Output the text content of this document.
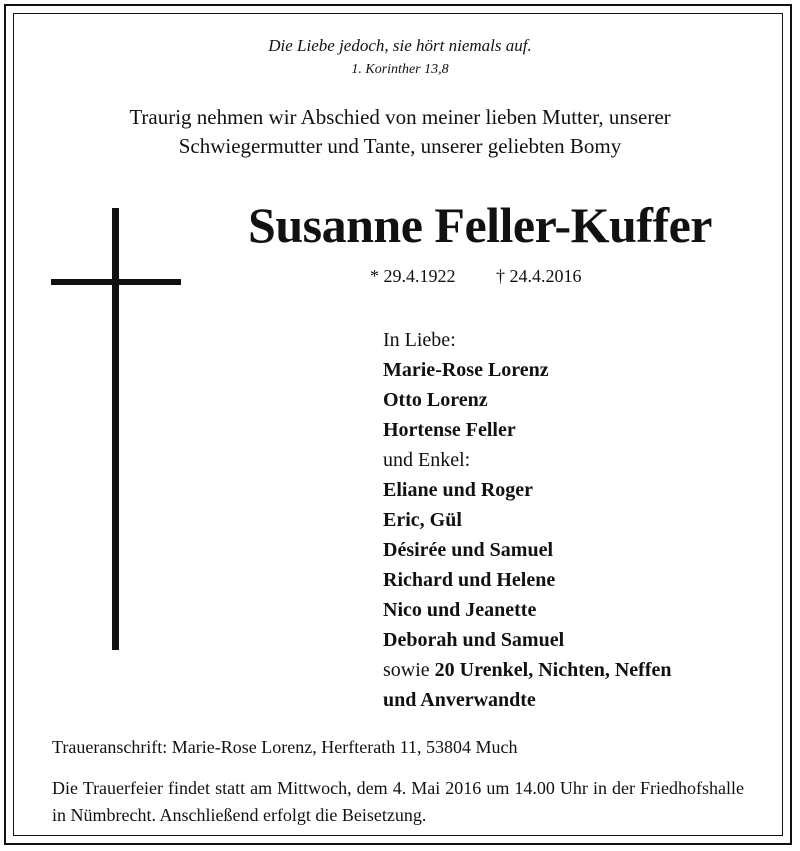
Die Liebe jedoch, sie hört niemals auf.
1. Korinther 13,8
Traurig nehmen wir Abschied von meiner lieben Mutter, unserer
Schwiegermutter und Tante, unserer geliebten Bomy
Susanne Feller-Kuffer
* 29.4.1922 † 24.4.2016
In Liebe:
Marie-Rose Lorenz
Otto Lorenz
Hortense Feller
und Enkel:
Eliane und Roger
Eric, Gül
Désirée und Samuel
Richard und Helene
Nico und Jeanette
Deborah und Samuel
sowie 20 Urenkel, Nichten, Neffen
und Anverwandte
Traueranschrift: Marie-Rose Lorenz, Herfterath 11, 53804 Much
Die Trauerfeier findet statt am Mittwoch, dem 4. Mai 2016 um 14.00 Uhr in der Friedhofshalle in Nümbrecht. Anschließend erfolgt die Beisetzung.
